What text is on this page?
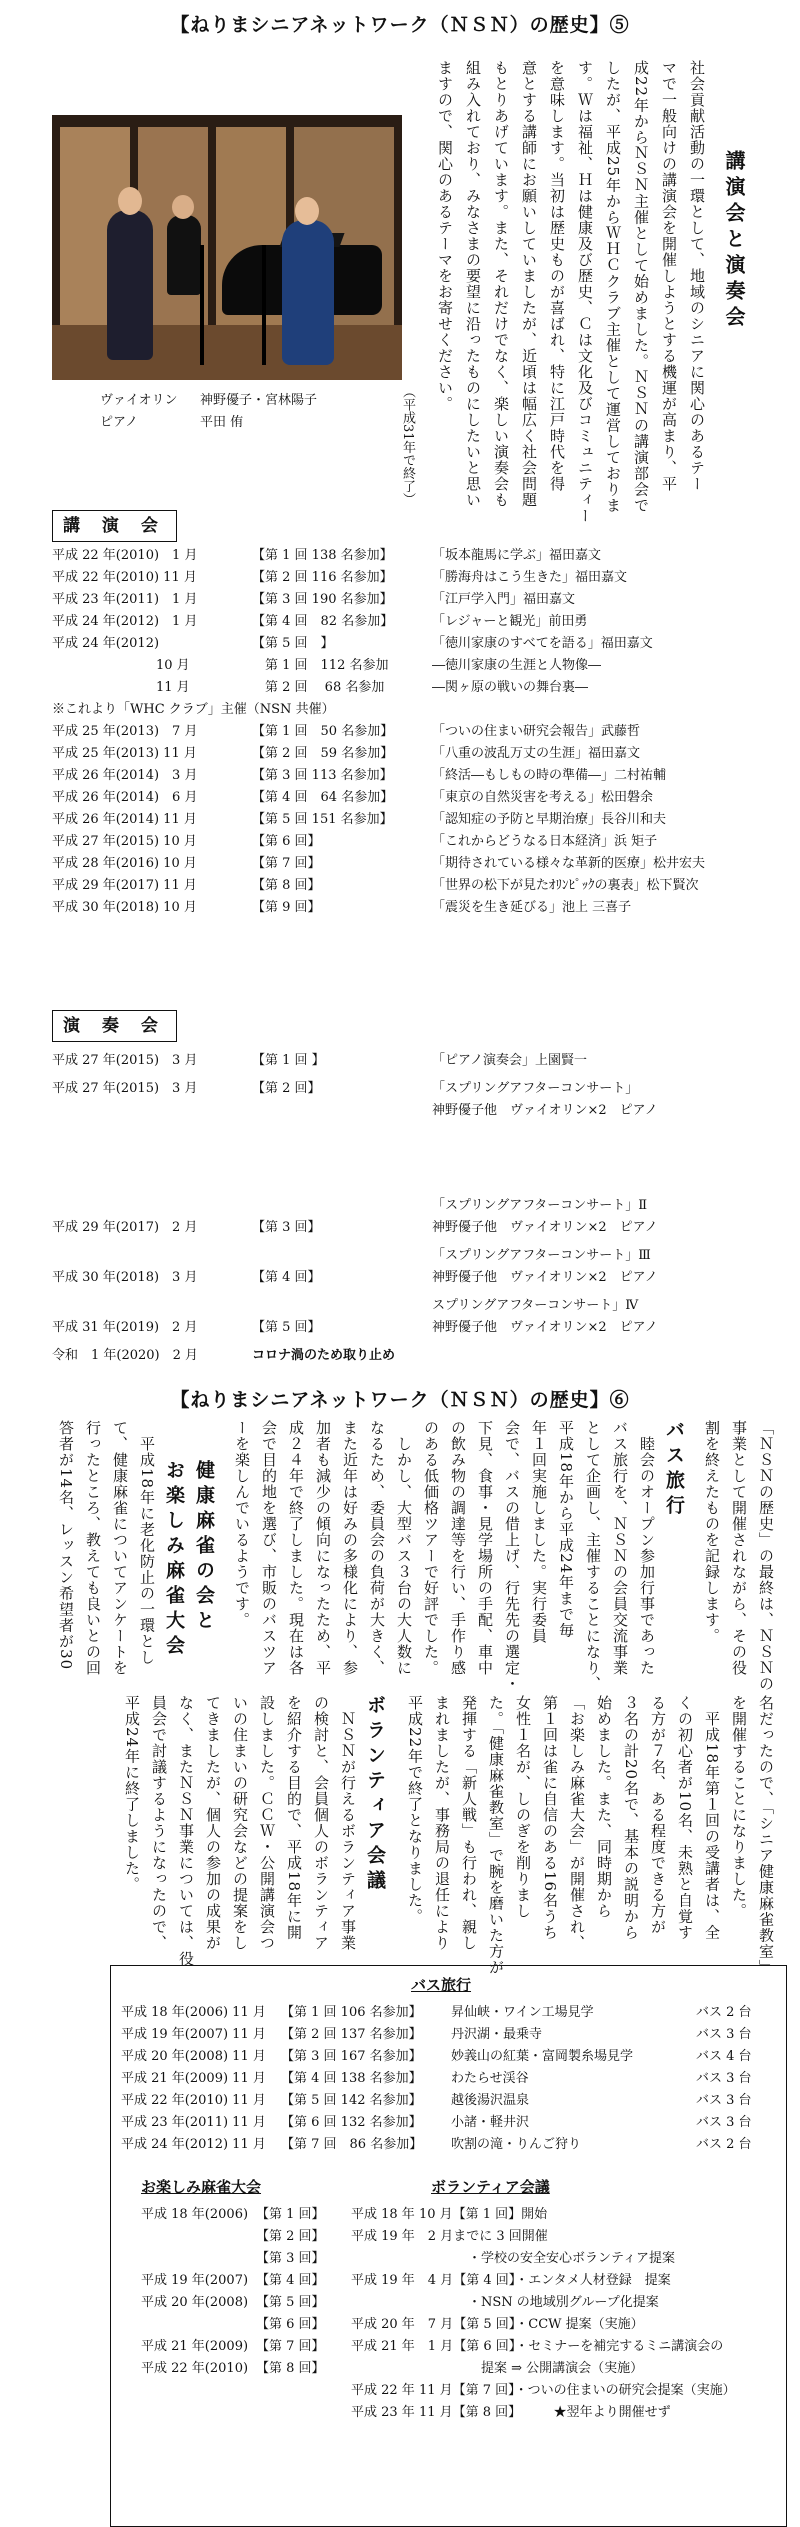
【ねりまシニアネットワーク（ＮＳＮ）の歴史】⑤
ヴァイオリン 神野優子・宮林陽子
ピアノ	平田 侑
講演会と演奏会
社会貢献活動の一環として、地域のシニアに関心のあるテー
マで一般向けの講演会を開催しようとする機運が高まり、平
成22年からＮＳＮ主催として始めました。ＮＳＮの講演部会で
したが、平成25年からＷＨＣクラブ主催として運営しておりま
す。Ｗは福祉、Ｈは健康及び歴史、Ｃは文化及びコミュニティー
を意味します。当初は歴史ものが喜ばれ、特に江戸時代を得
意とする講師にお願いしていましたが、近頃は幅広く社会問題
もとりあげています。また、それだけでなく、楽しい演奏会も
組み入れており、みなさまの要望に沿ったものにしたいと思い
ますので、関心のあるテーマをお寄せください。
（平成31年で終了）
講 演 会
平成 22 年(2010)　1 月	【第 1 回 138 名参加】	「坂本龍馬に学ぶ」福田嘉文
平成 22 年(2010) 11 月	【第 2 回 116 名参加】	「勝海舟はこう生きた」福田嘉文
平成 23 年(2011)　1 月	【第 3 回 190 名参加】	「江戸学入門」福田嘉文
平成 24 年(2012)　1 月	【第 4 回　82 名参加】	「レジャーと観光」前田勇
平成 24 年(2012)	【第 5 回　】	「徳川家康のすべてを語る」福田嘉文
　　　　　　　　10 月	　第 1 回　112 名参加	―徳川家康の生涯と人物像―
　　　　　　　　11 月	　第 2 回　 68 名参加	―関ヶ原の戦いの舞台裏―
※これより「WHC クラブ」主催（NSN 共催）
平成 25 年(2013)　7 月	【第 1 回　50 名参加】	「ついの住まい研究会報告」武藤哲
平成 25 年(2013) 11 月	【第 2 回　59 名参加】	「八重の波乱万丈の生涯」福田嘉文
平成 26 年(2014)　3 月	【第 3 回 113 名参加】	「終活―もしもの時の準備―」二村祐輔
平成 26 年(2014)　6 月	【第 4 回　64 名参加】	「東京の自然災害を考える」松田磐余
平成 26 年(2014) 11 月	【第 5 回 151 名参加】	「認知症の予防と早期治療」長谷川和夫
平成 27 年(2015) 10 月	【第 6 回】	「これからどうなる日本経済」浜 矩子
平成 28 年(2016) 10 月	【第 7 回】	「期待されている様々な革新的医療」松井宏夫
平成 29 年(2017) 11 月	【第 8 回】	「世界の松下が見たｵﾘﾝﾋﾟｯｸの裏表」松下賢次
平成 30 年(2018) 10 月	【第 9 回】	「震災を生き延びる」池上 三喜子
演 奏 会
平成 27 年(2015)　3 月	【第 1 回 】	「ピアノ演奏会」上園賢一
平成 27 年(2015)　3 月	【第 2 回】	「スプリングアフターコンサート」
神野優子他　ヴァイオリン×2　ピアノ
「スプリングアフターコンサート」Ⅱ
平成 29 年(2017)　2 月	【第 3 回】	神野優子他　ヴァイオリン×2　ピアノ
「スプリングアフターコンサート」Ⅲ
平成 30 年(2018)　3 月	【第 4 回】	神野優子他　ヴァイオリン×2　ピアノ
スプリングアフターコンサート」Ⅳ
平成 31 年(2019)　2 月	【第 5 回】	神野優子他　ヴァイオリン×2　ピアノ
令和　1 年(2020)　2 月	コロナ渦のため取り止め
【ねりまシニアネットワーク（ＮＳＮ）の歴史】⑥
「ＮＳＮの歴史」の最終は、ＮＳＮの
事業として開催されながら、その役
割を終えたものを記録します。
バス旅行
　睦会のオープン参加行事であった
バス旅行を、ＮＳＮの会員交流事業
として企画し、主催することになり、
平成18年から平成24年まで毎
年１回実施しました。実行委員
会で、バスの借上げ、行先先の選定・
下見、食事・見学場所の手配、車中
の飲み物の調達等を行い、手作り感
のある低価格ツアーで好評でした。
　しかし、大型バス３台の大人数に
なるため、委員会の負荷が大きく、
また近年は好みの多様化により、参
加者も減少の傾向になったため、平
成２４年で終了しました。現在は各
会で目的地を選び、市販のバスツア
ーを楽しんでいるようです。
健康麻雀の会と
お楽しみ麻雀大会
　平成18年に老化防止の一環とし
て、健康麻雀についてアンケートを
行ったところ、教えても良いとの回
答者が14名、レッスン希望者が30
名だったので、「シニア健康麻雀教室」
を開催することになりました。
　平成18年第１回の受講者は、全
くの初心者が10名、未熟と自覚す
る方が７名、ある程度できる方が
３名の計20名で、基本の説明から
始めました。また、同時期から
「お楽しみ麻雀大会」が開催され、
第１回は雀に自信のある16名うち
女性１名が、しのぎを削りまし
た。「健康麻雀教室」で腕を磨いた方が
発揮する「新人戦」も行われ、親し
まれましたが、事務局の退任により
平成22年で終了となりました。
ボランティア会議
　ＮＳＮが行えるボランティア事業
の検討と、会員個人のボランティア
を紹介する目的で、平成18年に開
設しました。ＣＣＷ・公開講演会つ
いの住まいの研究会などの提案をし
てきましたが、個人の参加の成果が
なく、またＮＳＮ事業については、役
員会で討議するようになったので、
平成24年に終了しました。
バス旅行
平成 18 年(2006) 11 月 【第 1 回 106 名参加】 昇仙峡・ワイン工場見学	バス 2 台
平成 19 年(2007) 11 月 【第 2 回 137 名参加】 丹沢湖・最乗寺	バス 3 台
平成 20 年(2008) 11 月 【第 3 回 167 名参加】 妙義山の紅葉・富岡製糸場見学	バス 4 台
平成 21 年(2009) 11 月 【第 4 回 138 名参加】 わたらせ渓谷	バス 3 台
平成 22 年(2010) 11 月 【第 5 回 142 名参加】 越後湯沢温泉	バス 3 台
平成 23 年(2011) 11 月 【第 6 回 132 名参加】 小諸・軽井沢	バス 3 台
平成 24 年(2012) 11 月 【第 7 回　86 名参加】 吹割の滝・りんご狩り	バス 2 台
お楽しみ麻雀大会
平成 18 年(2006) 【第 1 回】
【第 2 回】
【第 3 回】
平成 19 年(2007) 【第 4 回】
平成 20 年(2008) 【第 5 回】
【第 6 回】
平成 21 年(2009) 【第 7 回】
平成 22 年(2010) 【第 8 回】
ボランティア会議
平成 18 年 10 月【第 1 回】開始
平成 19 年　2 月までに 3 回開催
　　　　　　　　　・学校の安全安心ボランティア提案
平成 19 年　4 月【第 4 回】・エンタメ人材登録　提案
　　　　　　　　　・NSN の地域別グループ化提案
平成 20 年　7 月【第 5 回】・CCW 提案（実施）
平成 21 年　1 月【第 6 回】・セミナーを補完するミニ講演会の
　　　　　　　　　　提案 ⇒ 公開講演会（実施）
平成 22 年 11 月【第 7 回】・ついの住まいの研究会提案（実施）
平成 23 年 11 月【第 8 回】　　　★翌年より開催せず
